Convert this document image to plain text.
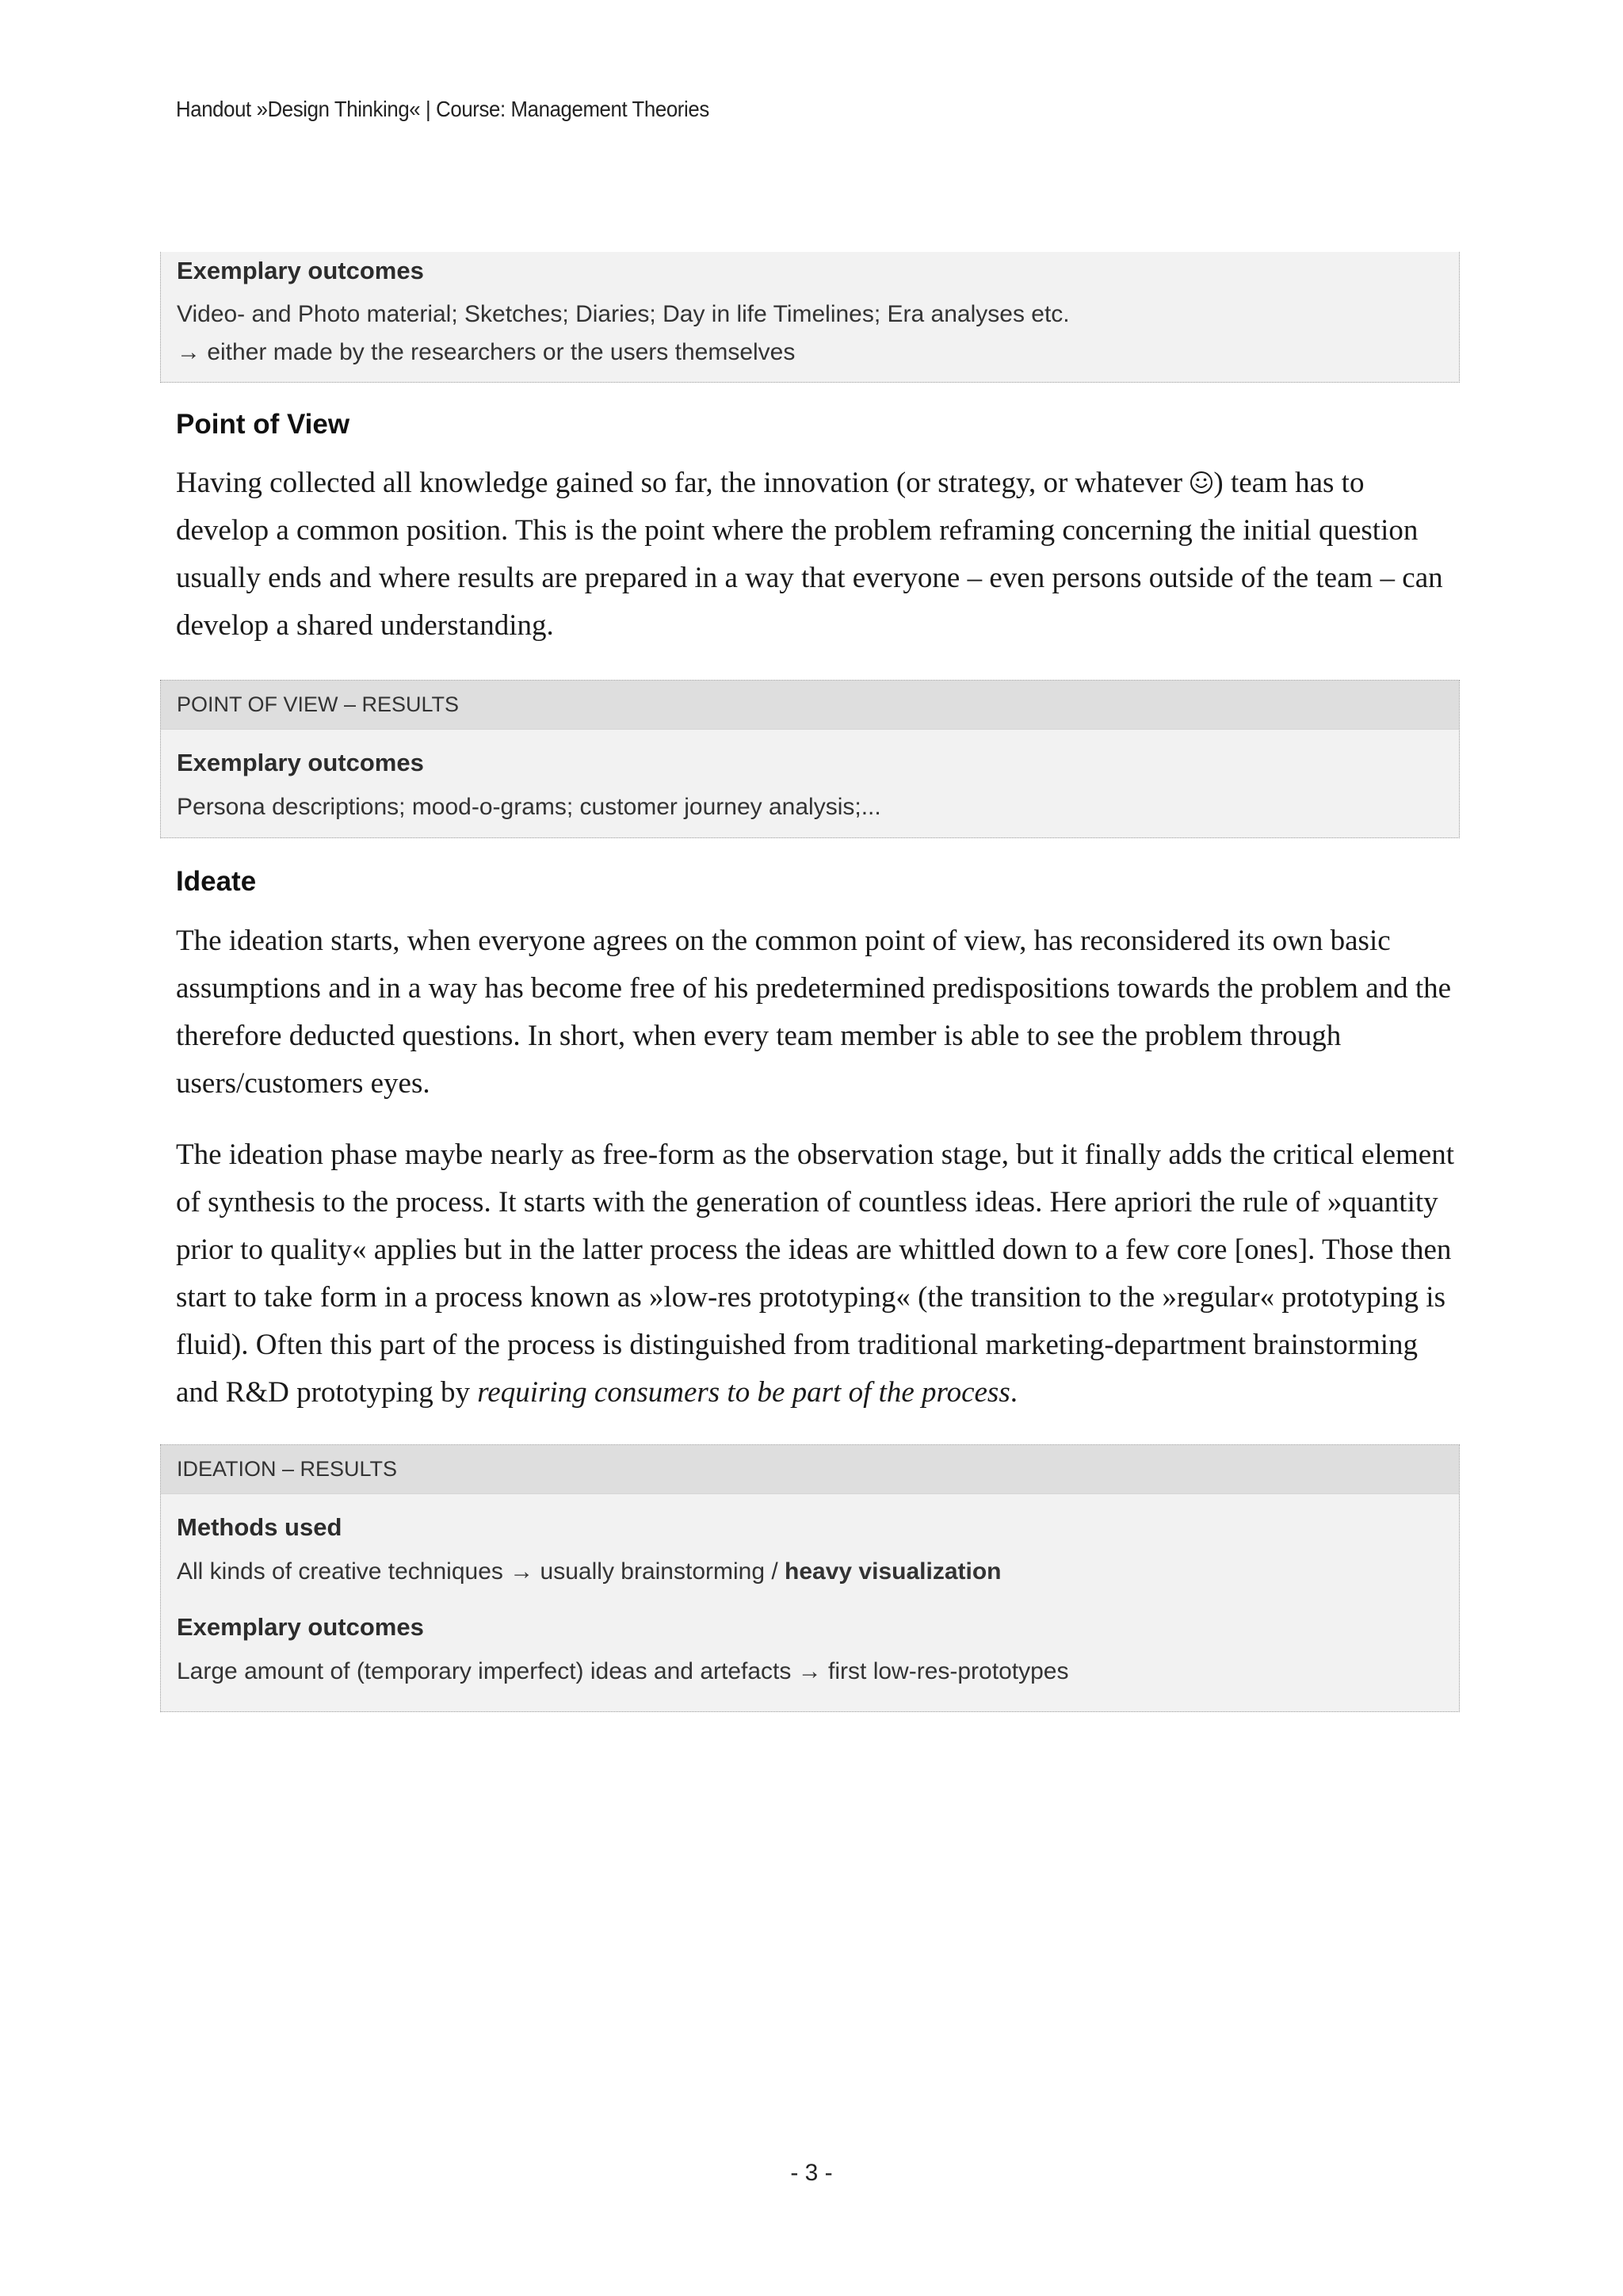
Handout »Design Thinking« | Course: Management Theories
Exemplary outcomes
Video- and Photo material; Sketches; Diaries; Day in life Timelines; Era analyses etc.
→ either made by the researchers or the users themselves
Point of View
Having collected all knowledge gained so far, the innovation (or strategy, or whatever ) team has to develop a common position. This is the point where the problem reframing concerning the initial question usually ends and where results are prepared in a way that everyone – even persons outside of the team – can develop a shared understanding.
POINT OF VIEW – RESULTS
Exemplary outcomes
Persona descriptions; mood-o-grams; customer journey analysis;...
Ideate
The ideation starts, when everyone agrees on the common point of view, has reconsidered its own basic assumptions and in a way has become free of his predetermined predispositions towards the problem and the therefore deducted questions. In short, when every team member is able to see the problem through users/customers eyes.
The ideation phase maybe nearly as free-form as the observation stage, but it finally adds the critical element of synthesis to the process. It starts with the generation of countless ideas. Here apriori the rule of »quantity prior to quality« applies but in the latter process the ideas are whittled down to a few core [ones]. Those then start to take form in a process known as »low-res prototyping« (the transition to the »regular« prototyping is fluid). Often this part of the process is distinguished from traditional marketing-department brainstorming and R&D prototyping by requiring consumers to be part of the process.
IDEATION – RESULTS
Methods used
All kinds of creative techniques → usually brainstorming / heavy visualization
Exemplary outcomes
Large amount of (temporary imperfect) ideas and artefacts → first low-res-prototypes
- 3 -
